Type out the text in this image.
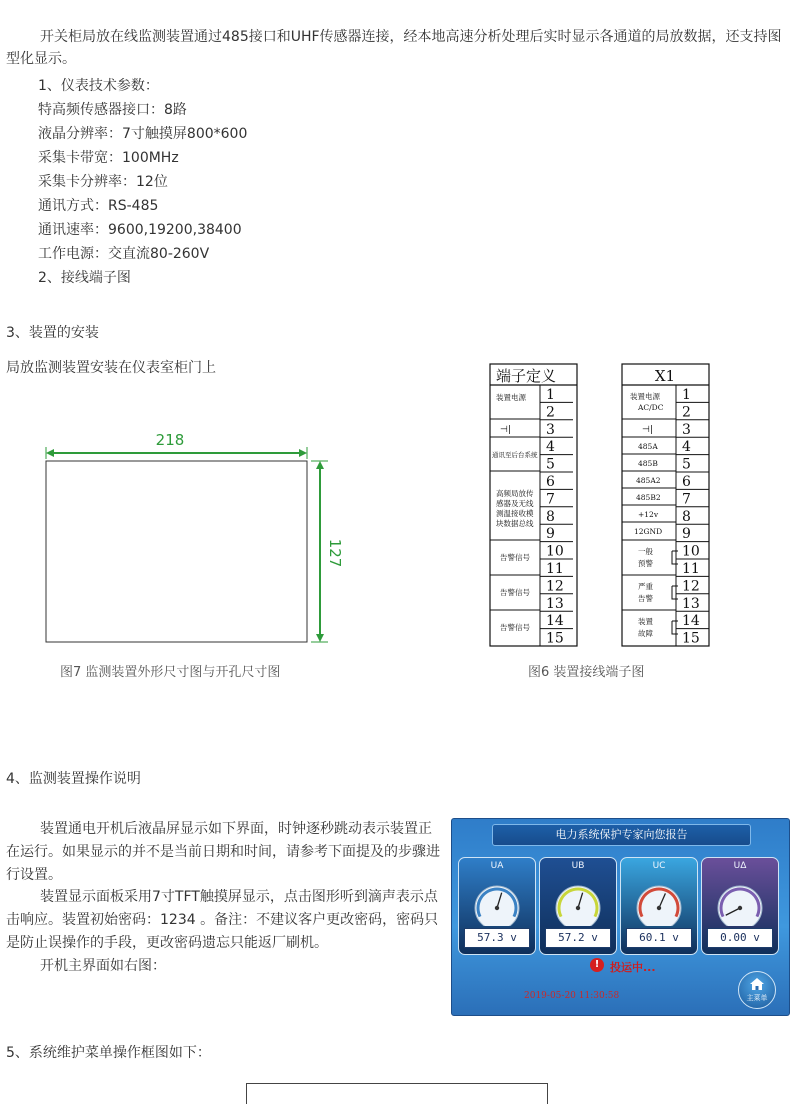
开关柜局放在线监测装置通过485接口和UHF传感器连接，经本地高速分析处理后实时显示各通道的局放数据，还支持图型化显示。
1、仪表技术参数：
特高频传感器接口：8路
液晶分辨率：7寸触摸屏800*600
采集卡带宽：100MHz
采集卡分辨率：12位
通讯方式：RS-485
通讯速率：9600,19200,38400
工作电源：交直流80-260V
2、接线端子图
3、装置的安装
局放监测装置安装在仪表室柜门上
218
127
图7 监测装置外形尺寸图与开孔尺寸图
端子定义
1
2
3
4
5
6
7
8
9
10
11
12
13
14
15
装置电源
⊣|
通讯至后台系统
高频局放传
感器及无线
测温接收模
块数据总线
告警信号
告警信号
告警信号
X1
1
2
3
4
5
6
7
8
9
10
11
12
13
14
15
装置电源
AC/DC
⊣|
485A
485B
485A2
485B2
+12v
12GND
一般
预警
严重
告警
装置
故障
图6 装置接线端子图
4、监测装置操作说明

装置通电开机后液晶屏显示如下界面，时钟逐秒跳动表示装置正在运行。如果显示的并不是当前日期和时间，请参考下面提及的步骤进行设置。

装置显示面板采用7寸TFT触摸屏显示，点击图形听到滴声表示点击响应。装置初始密码：1234 。备注：不建议客户更改密码，密码只是防止误操作的手段，更改密码遗忘只能返厂刷机。

开机主界面如右图：

电力系统保护专家向您报告
UA
57.3 v
UB
57.2 v
UC
60.1 v
UΔ
0.00 v
! 投运中...
2019-05-20 11:30:58	主菜单
5、系统维护菜单操作框图如下：
